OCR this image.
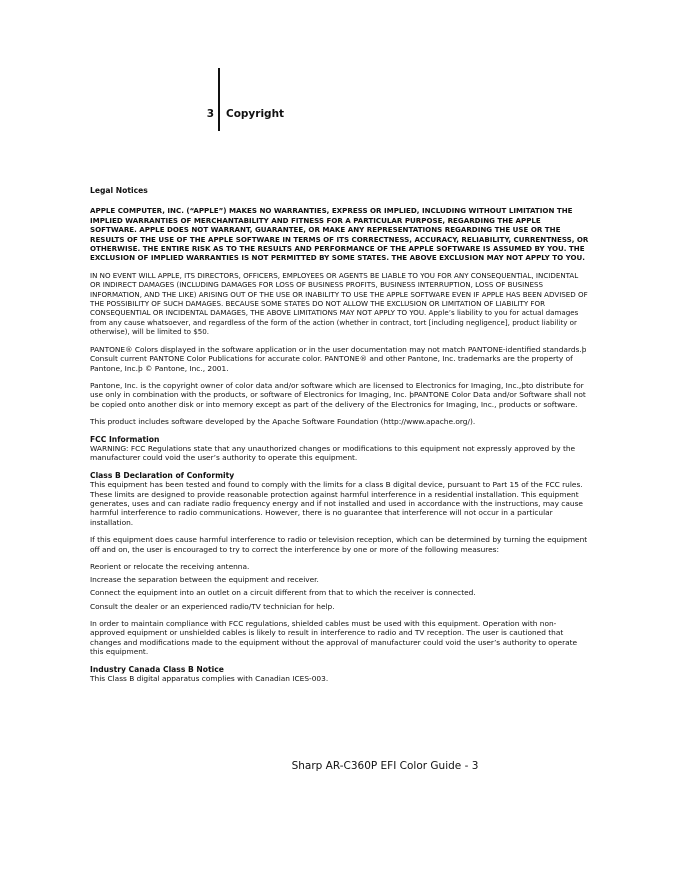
3 Copyright

Legal Notices

APPLE COMPUTER, INC. (“APPLE”) MAKES NO WARRANTIES, EXPRESS OR IMPLIED, INCLUDING WITHOUT LIMITATION THE IMPLIED WARRANTIES OF MERCHANTABILITY AND FITNESS FOR A PARTICULAR PURPOSE, REGARDING THE APPLE SOFTWARE. APPLE DOES NOT WARRANT, GUARANTEE, OR MAKE ANY REPRESENTATIONS REGARDING THE USE OR THE RESULTS OF THE USE OF THE APPLE SOFTWARE IN TERMS OF ITS CORRECTNESS, ACCURACY, RELIABILITY, CURRENTNESS, OR OTHERWISE. THE ENTIRE RISK AS TO THE RESULTS AND PERFORMANCE OF THE APPLE SOFTWARE IS ASSUMED BY YOU. THE EXCLUSION OF IMPLIED WARRANTIES IS NOT PERMITTED BY SOME STATES. THE ABOVE EXCLUSION MAY NOT APPLY TO YOU.

IN NO EVENT WILL APPLE, ITS DIRECTORS, OFFICERS, EMPLOYEES OR AGENTS BE LIABLE TO YOU FOR ANY CONSEQUENTIAL, INCIDENTAL OR INDIRECT DAMAGES (INCLUDING DAMAGES FOR LOSS OF BUSINESS PROFITS, BUSINESS INTERRUPTION, LOSS OF BUSINESS INFORMATION, AND THE LIKE) ARISING OUT OF THE USE OR INABILITY TO USE THE APPLE SOFTWARE EVEN IF APPLE HAS BEEN ADVISED OF THE POSSIBILITY OF SUCH DAMAGES. BECAUSE SOME STATES DO NOT ALLOW THE EXCLUSION OR LIMITATION OF LIABILITY FOR CONSEQUENTIAL OR INCIDENTAL DAMAGES, THE ABOVE LIMITATIONS MAY NOT APPLY TO YOU. Apple’s liability to you for actual damages from any cause whatsoever, and regardless of the form of the action (whether in contract, tort [including negligence], product liability or otherwise), will be limited to $50.

PANTONE® Colors displayed in the software application or in the user documentation may not match PANTONE-identified standards.þ Consult current PANTONE Color Publications for accurate color. PANTONE® and other Pantone, Inc. trademarks are the property of Pantone, Inc.þ © Pantone, Inc., 2001.

Pantone, Inc. is the copyright owner of color data and/or software which are licensed to Electronics for Imaging, Inc.,þto distribute for use only in combination with the products, or software of Electronics for Imaging, Inc. þPANTONE Color Data and/or Software shall not be copied onto another disk or into memory except as part of the delivery of the Electronics for Imaging, Inc., products or software.

This product includes software developed by the Apache Software Foundation (http://www.apache.org/).

FCC Information

WARNING: FCC Regulations state that any unauthorized changes or modifications to this equipment not expressly approved by the manufacturer could void the user’s authority to operate this equipment.

Class B Declaration of Conformity

This equipment has been tested and found to comply with the limits for a class B digital device, pursuant to Part 15 of the FCC rules. These limits are designed to provide reasonable protection against harmful interference in a residential installation. This equipment generates, uses and can radiate radio frequency energy and if not installed and used in accordance with the instructions, may cause harmful interference to radio communications. However, there is no guarantee that interference will not occur in a particular installation.

If this equipment does cause harmful interference to radio or television reception, which can be determined by turning the equipment off and on, the user is encouraged to try to correct the interference by one or more of the following measures:

Reorient or relocate the receiving antenna.

Increase the separation between the equipment and receiver.

Connect the equipment into an outlet on a circuit different from that to which the receiver is connected.

Consult the dealer or an experienced radio/TV technician for help.

In order to maintain compliance with FCC regulations, shielded cables must be used with this equipment. Operation with non-approved equipment or unshielded cables is likely to result in interference to radio and TV reception. The user is cautioned that changes and modifications made to the equipment without the approval of manufacturer could void the user’s authority to operate this equipment.

Industry Canada Class B Notice

This Class B digital apparatus complies with Canadian ICES-003.

Sharp AR-C360P EFI Color Guide - 3
